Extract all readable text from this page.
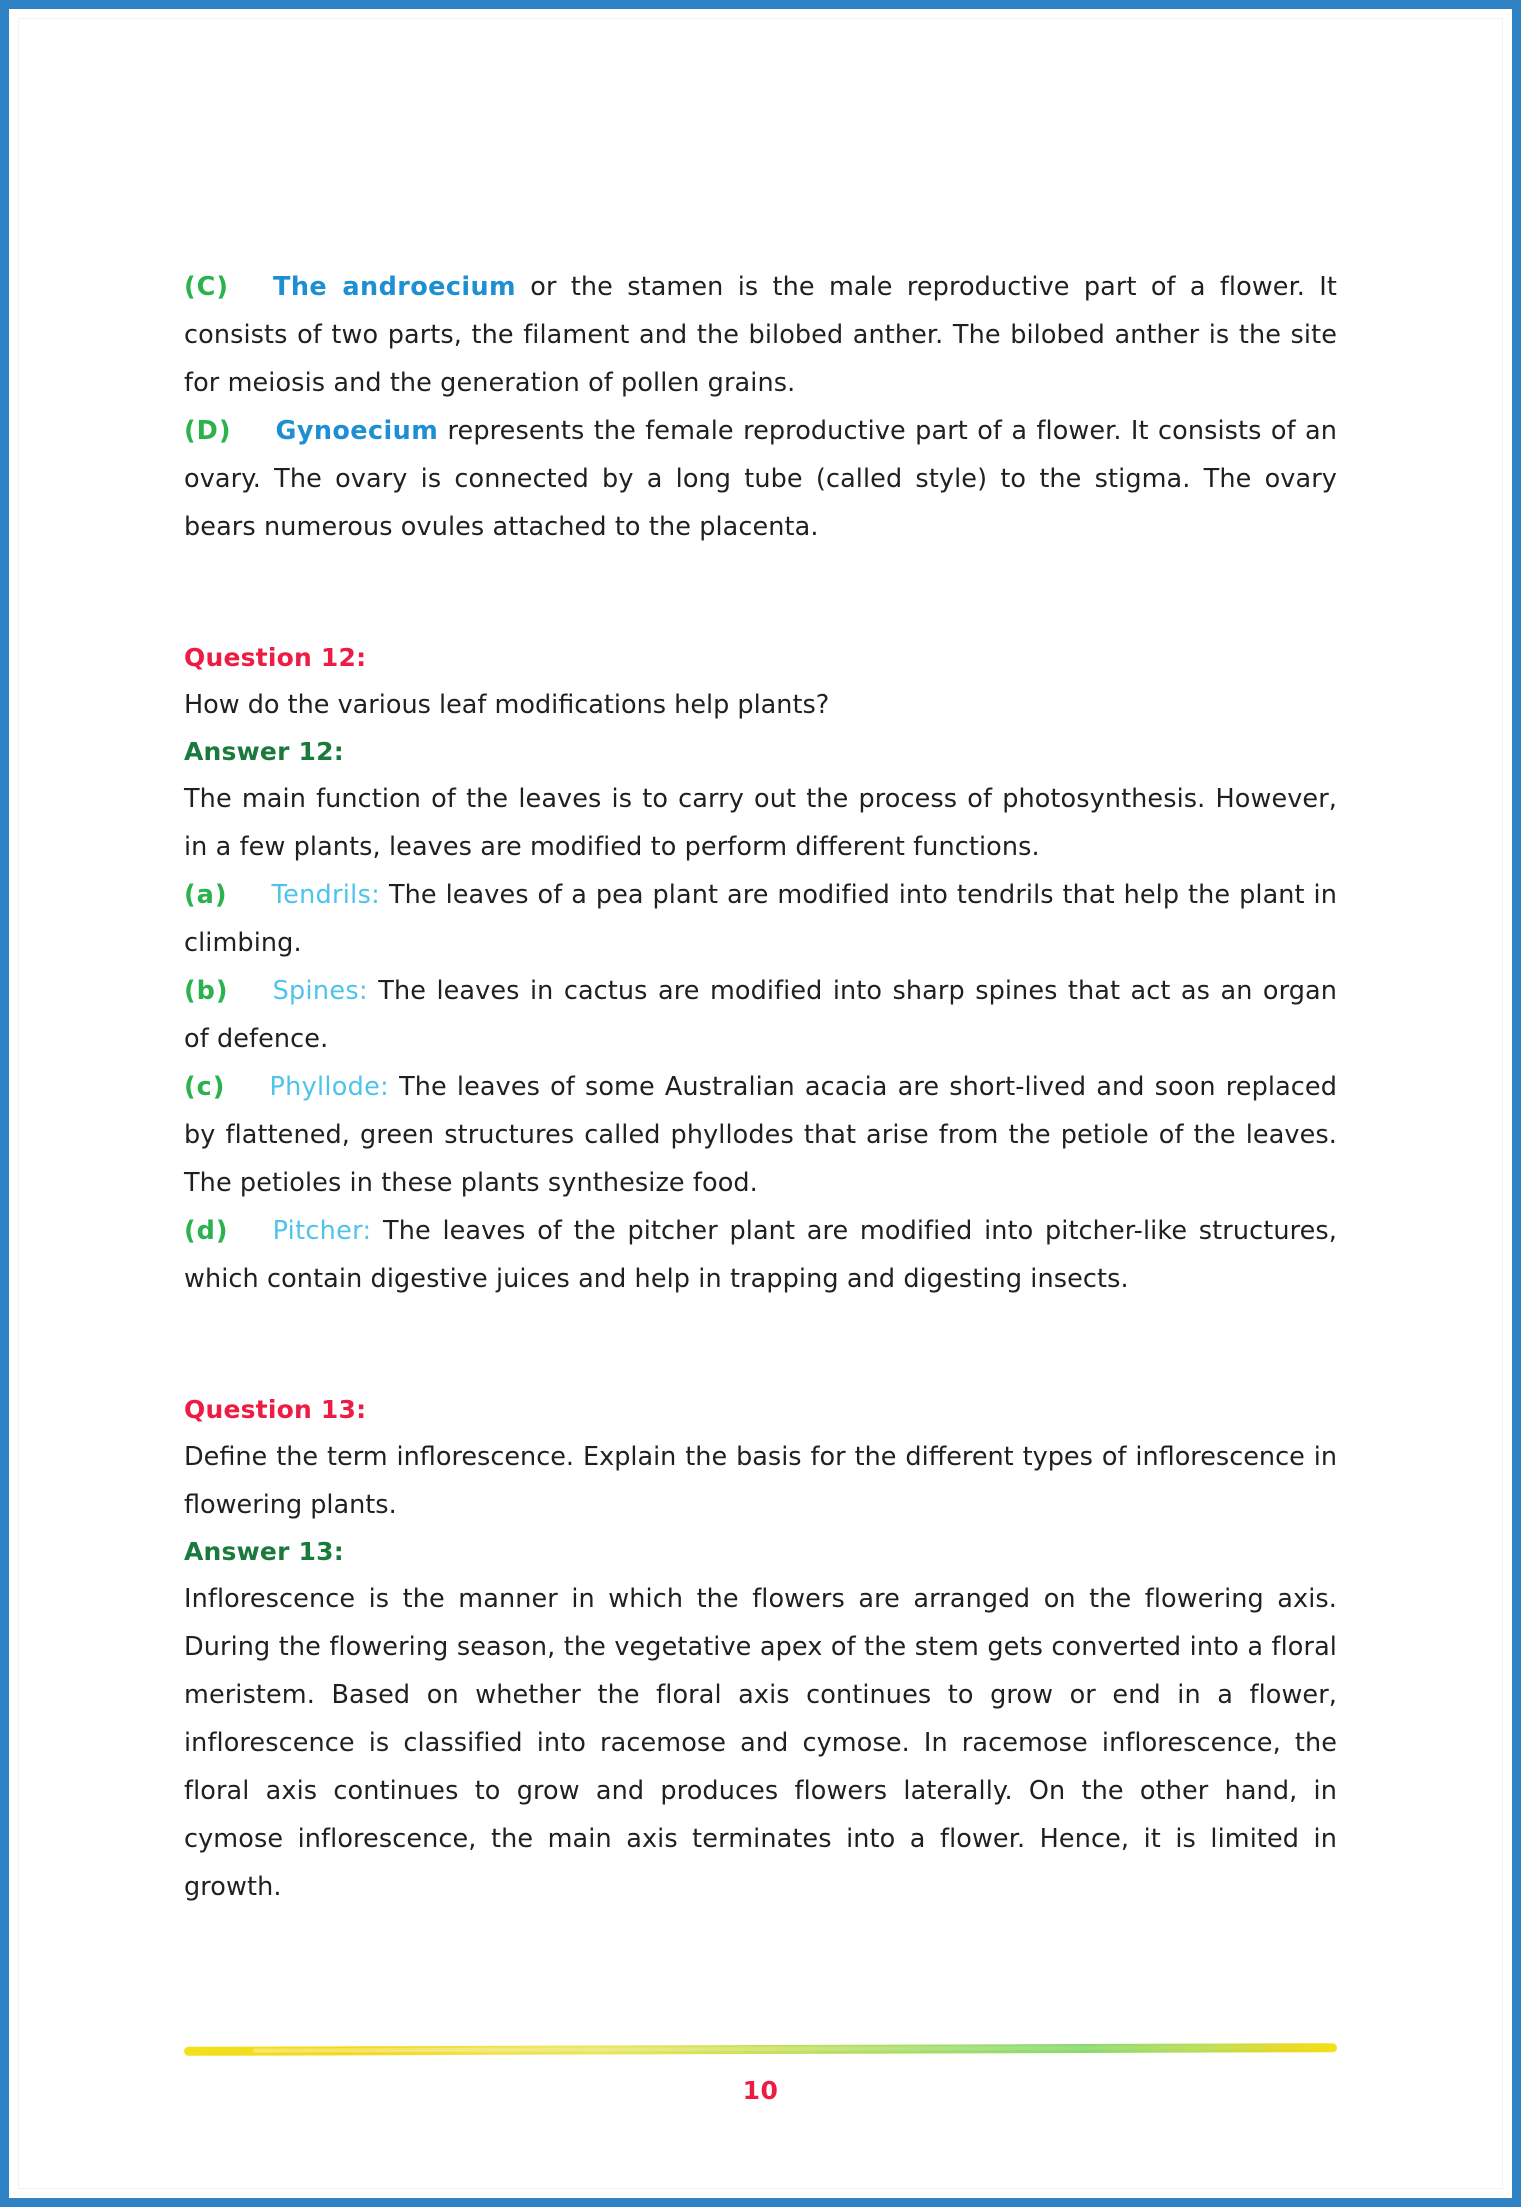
(C) The androecium or the stamen is the male reproductive part of a flower. It consists of two parts, the filament and the bilobed anther. The bilobed anther is the site for meiosis and the generation of pollen grains.

(D) Gynoecium represents the female reproductive part of a flower. It consists of an ovary. The ovary is connected by a long tube (called style) to the stigma. The ovary bears numerous ovules attached to the placenta.

Question 12:

How do the various leaf modifications help plants?

Answer 12:

The main function of the leaves is to carry out the process of photosynthesis. However, in a few plants, leaves are modified to perform different functions.

(a) Tendrils: The leaves of a pea plant are modified into tendrils that help the plant in climbing.

(b) Spines: The leaves in cactus are modified into sharp spines that act as an organ of defence.

(c) Phyllode: The leaves of some Australian acacia are short-lived and soon replaced by flattened, green structures called phyllodes that arise from the petiole of the leaves. The petioles in these plants synthesize food.

(d) Pitcher: The leaves of the pitcher plant are modified into pitcher-like structures, which contain digestive juices and help in trapping and digesting insects.

Question 13:

Define the term inflorescence. Explain the basis for the different types of inflorescence in flowering plants.

Answer 13:

Inflorescence is the manner in which the flowers are arranged on the flowering axis. During the flowering season, the vegetative apex of the stem gets converted into a floral meristem. Based on whether the floral axis continues to grow or end in a flower, inflorescence is classified into racemose and cymose. In racemose inflorescence, the floral axis continues to grow and produces flowers laterally. On the other hand, in cymose inflorescence, the main axis terminates into a flower. Hence, it is limited in growth.

10
